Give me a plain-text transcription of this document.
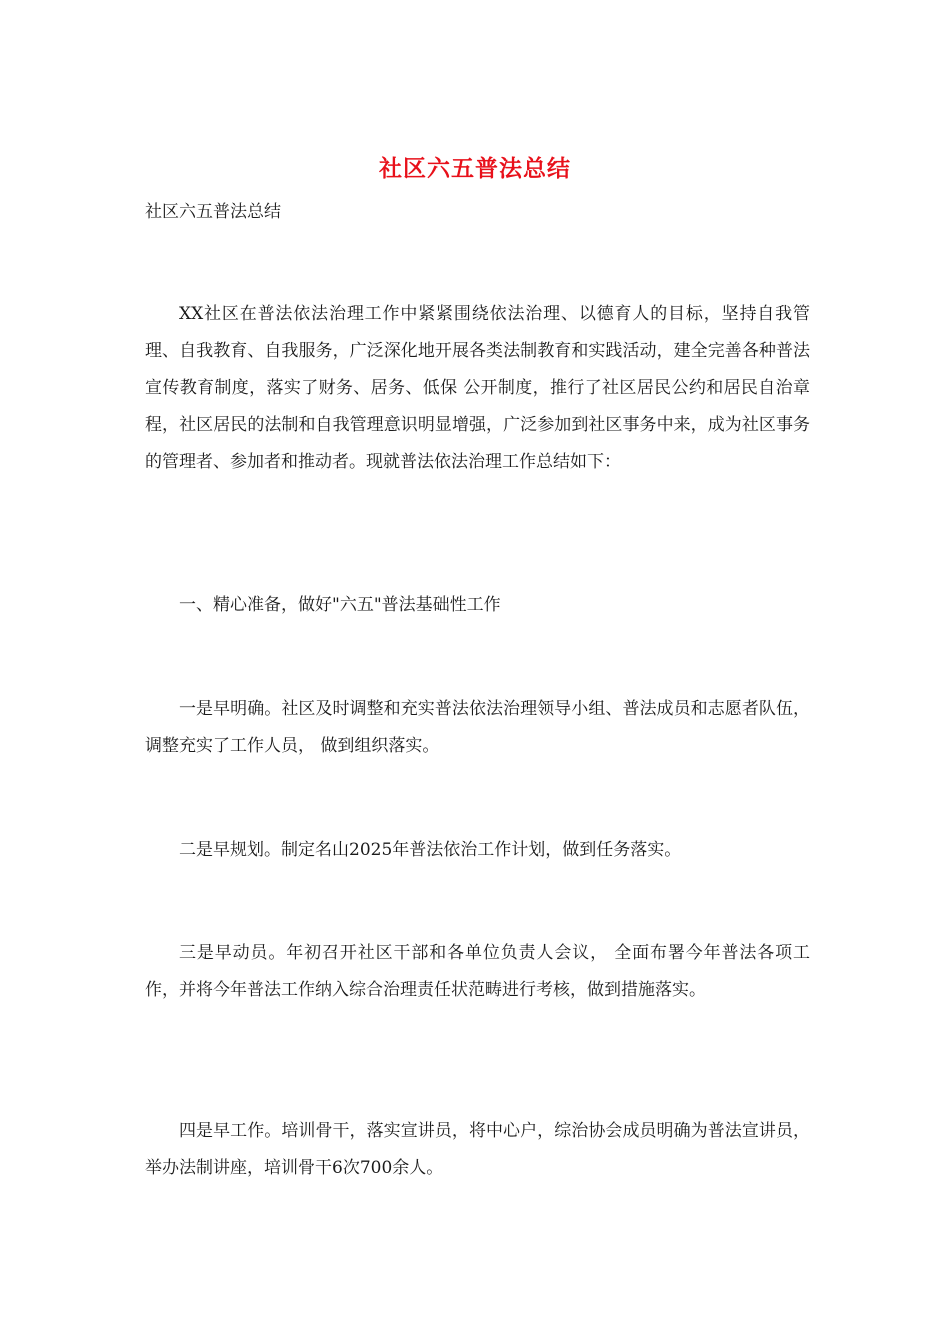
社区六五普法总结
社区六五普法总结

XX社区在普法依法治理工作中紧紧围绕依法治理、以德育人的目标，坚持自我管理、自我教育、自我服务，广泛深化地开展各类法制教育和实践活动，建全完善各种普法宣传教育制度，落实了财务、居务、低保 公开制度，推行了社区居民公约和居民自治章程，社区居民的法制和自我管理意识明显增强，广泛参加到社区事务中来，成为社区事务的管理者、参加者和推动者。现就普法依法治理工作总结如下：

一、精心准备，做好"六五"普法基础性工作

一是早明确。社区及时调整和充实普法依法治理领导小组、普法成员和志愿者队伍，调整充实了工作人员， 做到组织落实。

二是早规划。制定名山2025年普法依治工作计划，做到任务落实。

三是早动员。年初召开社区干部和各单位负责人会议， 全面布署今年普法各项工作，并将今年普法工作纳入综合治理责任状范畴进行考核，做到措施落实。

四是早工作。培训骨干，落实宣讲员，将中心户，综治协会成员明确为普法宣讲员，举办法制讲座，培训骨干6次700余人。
